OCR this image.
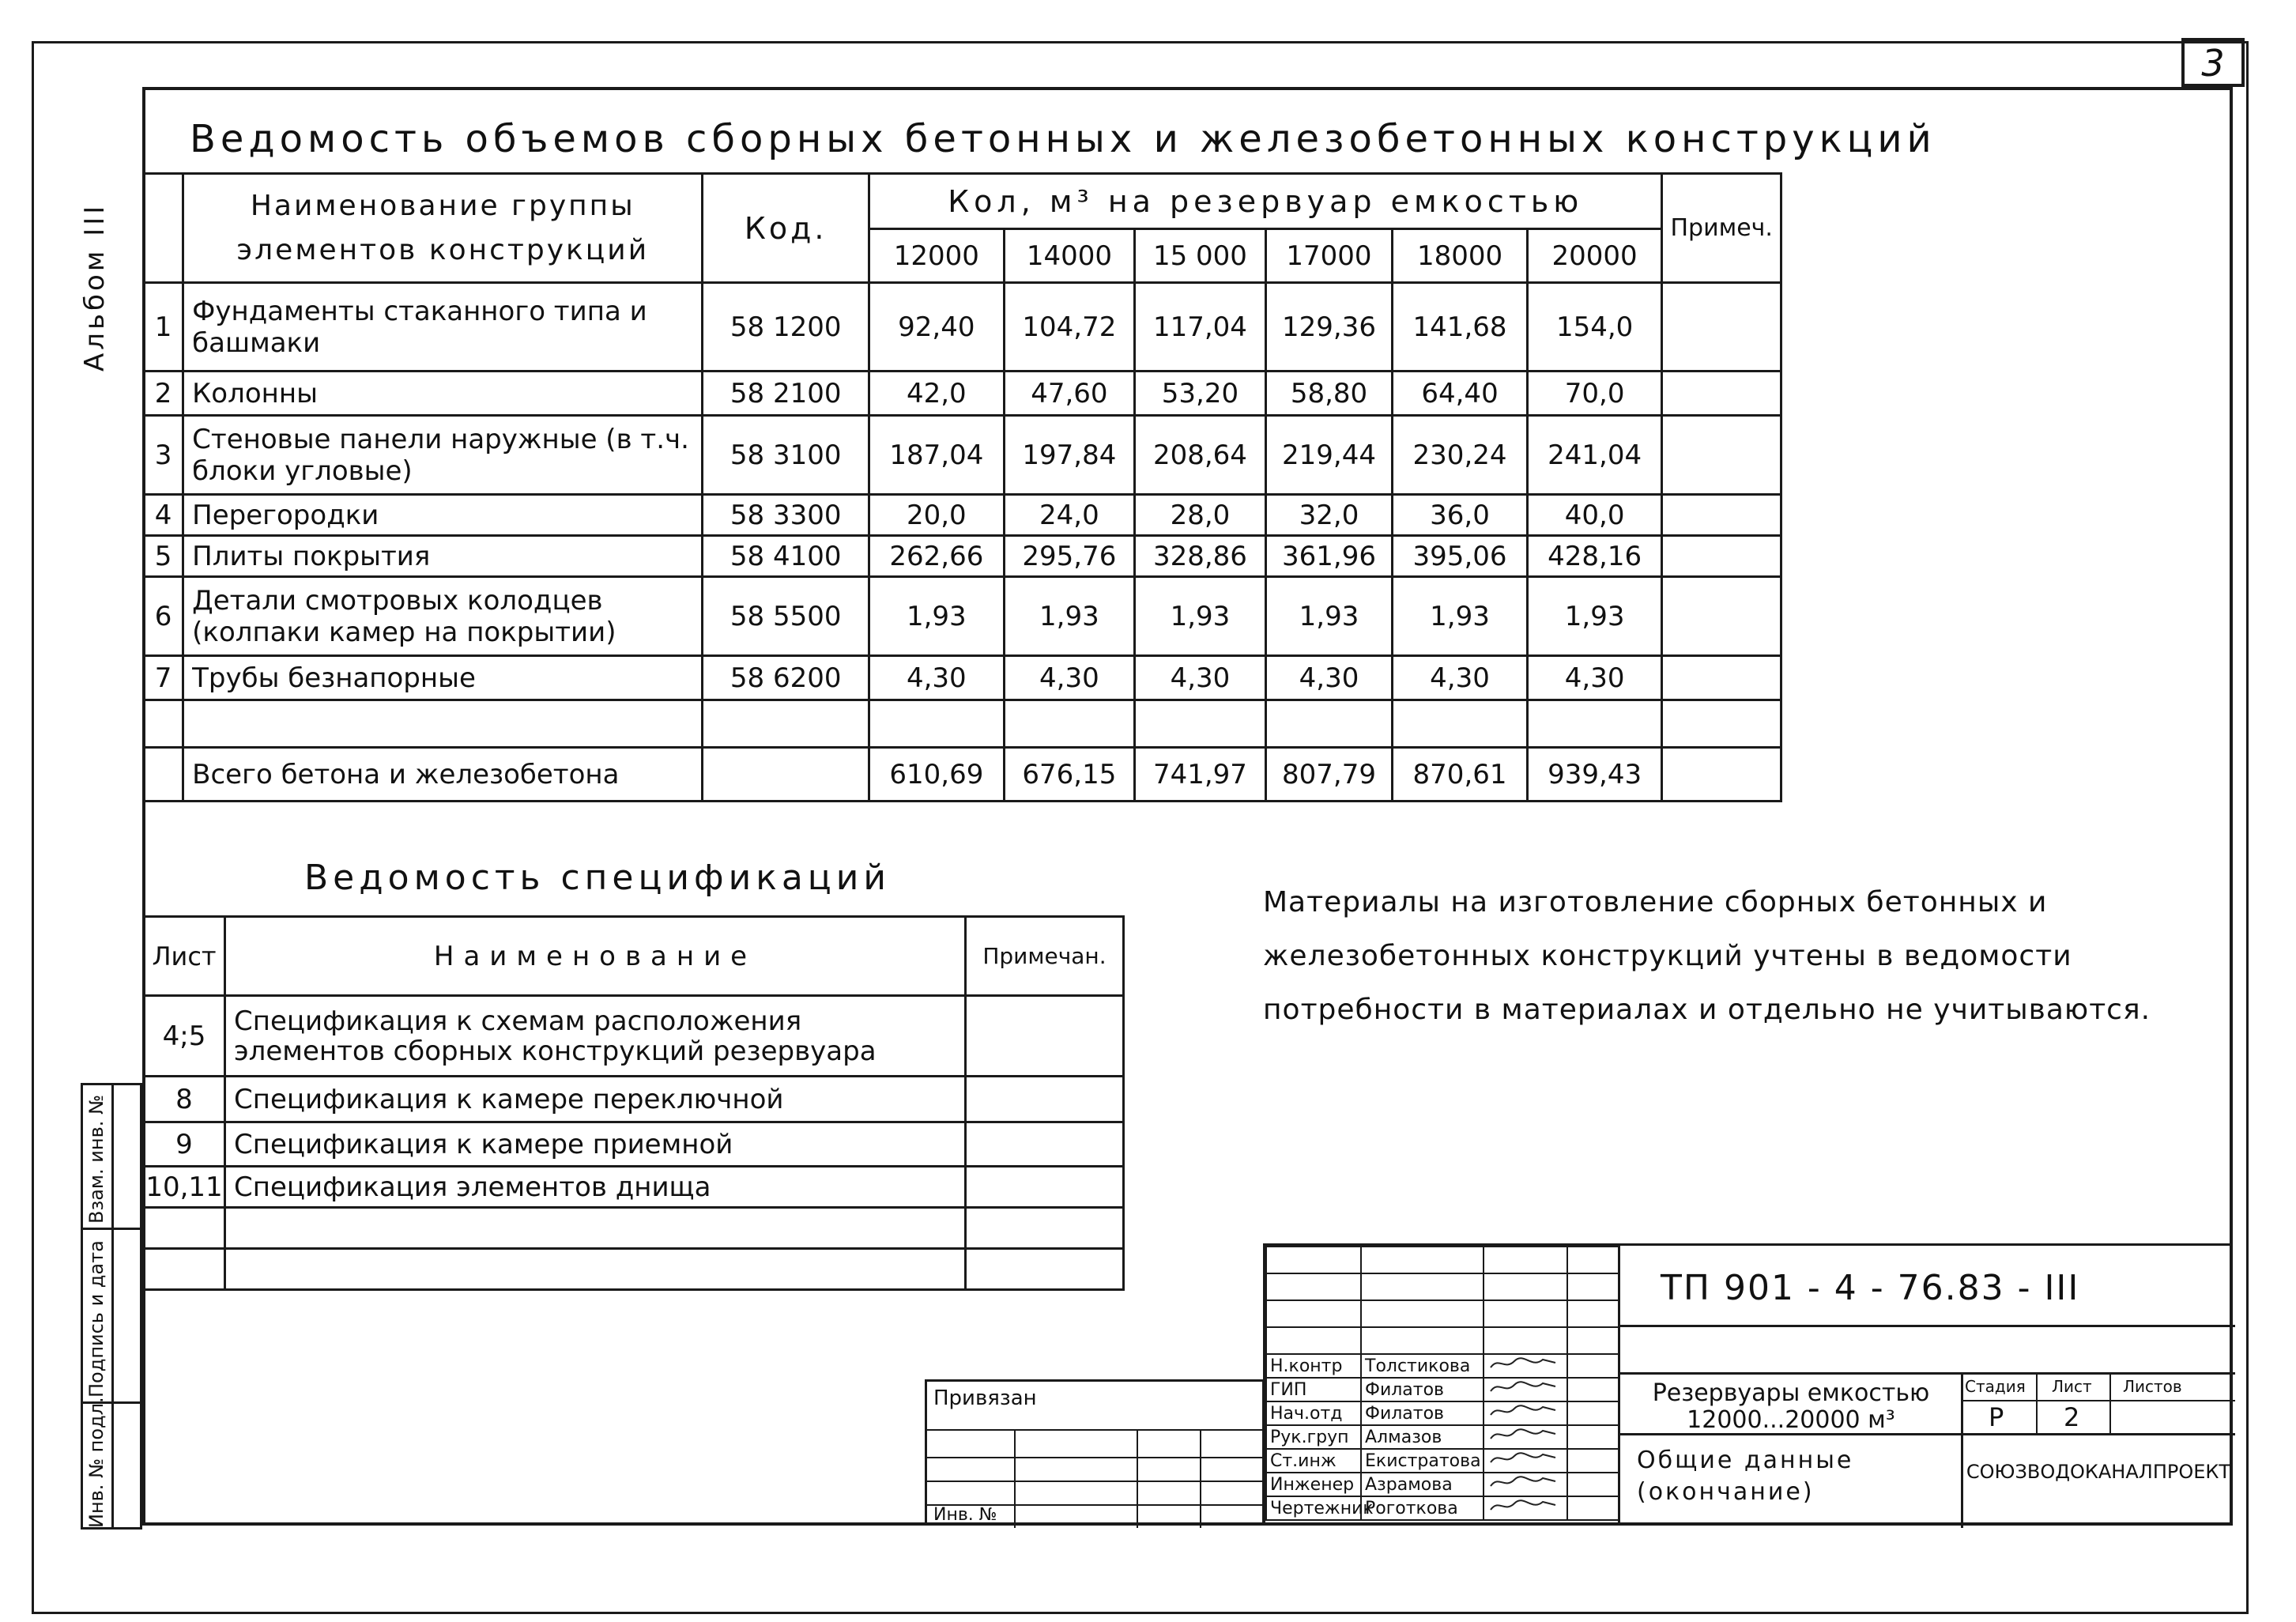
3
Альбом III
Ведомость объемов сборных бетонных и железобетонных конструкций
	Наименование группы элементов конструкций	Код.	Кол, м³ на резервуар емкостью						Примеч.
			12000	14000	15 000	17000	18000	20000	
1	Фундаменты стаканного типа и башмаки	58 1200	92,40	104,72	117,04	129,36	141,68	154,0	
2	Колонны	58 2100	42,0	47,60	53,20	58,80	64,40	70,0	
3	Стеновые панели наружные (в т.ч. блоки угловые)	58 3100	187,04	197,84	208,64	219,44	230,24	241,04	
4	Перегородки	58 3300	20,0	24,0	28,0	32,0	36,0	40,0	
5	Плиты покрытия	58 4100	262,66	295,76	328,86	361,96	395,06	428,16	
6	Детали смотровых колодцев (колпаки камер на покрытии)	58 5500	1,93	1,93	1,93	1,93	1,93	1,93	
7	Трубы безнапорные	58 6200	4,30	4,30	4,30	4,30	4,30	4,30	

	Всего бетона и железобетона		610,69	676,15	741,97	807,79	870,61	939,43	
Ведомость спецификаций
Лист	Наименование	Примечан.
4;5	Спецификация к схемам расположения элементов сборных конструкций резервуара	
8	Спецификация к камере переключной	
9	Спецификация к камере приемной	
10,11	Спецификация элементов днища	

Материалы на изготовление сборных бетонных и железобетонных конструкций учтены в ведомости потребности в материалах и отдельно не учитываются.
Инв. № подл.
Подпись и дата
Взам. инв. №
Привязан
Инв. №

Н.контр	Толстикова		
ГИП	Филатов		
Нач.отд	Филатов		
Рук.груп	Алмазов		
Ст.инж	Екистратова		
Инженер	Азрамова		
Чертежник	Роготкова		
ТП 901 - 4 - 76.83 - III
Резервуары емкостью 12000...20000 м³
Общие данные (окончание)
Стадия Лист Листов
Р 2
СОЮЗВОДОКАНАЛПРОЕКТ
